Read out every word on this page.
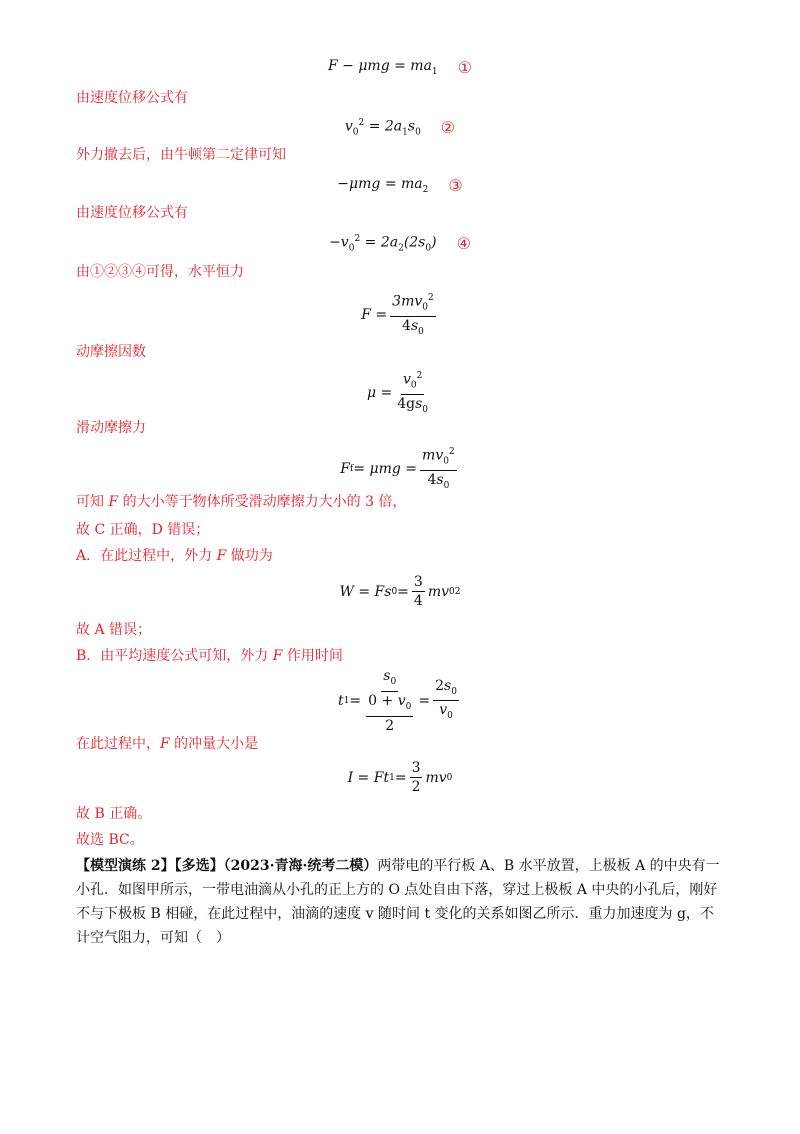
$F - \mu mg = ma_1$ ①
由速度位移公式有
$v_0^2 = 2a_1s_0$ ②
外力撤去后，由牛顿第二定律可知
$-\mu mg = ma_2$ ③
由速度位移公式有
$-v_0^2 = 2a_2(2s_0)$ ④
由①②③④可得，水平恒力
$F = \frac{3mv_0^2}{4s_0}$
动摩擦因数
$\mu = \frac{v_0^2}{4gs_0}$
滑动摩擦力
F $f = \mu mg = \frac{mv_0^2}{4s_0}$
可知 F 的大小等于物体所受滑动摩擦力大小的 3 倍，
故 C 正确，D 错误；
A．在此过程中，外力 F 做功为
W = Fs $0 = \frac{3}{4}$ mv 0 2
故 A 错误；
B．由平均速度公式可知，外力 F 作用时间
t $1 = \frac{s_0}{\frac{0 + v_0}{2}} = \frac{2s_0}{v_0}$
在此过程中，F 的冲量大小是
I = Ft $1 = \frac{3}{2}$ mv 0
故 B 正确。
故选 BC。
【模型演练 2】【多选】（2023·青海·统考二模）两带电的平行板 A、B 水平放置，上极板 A 的中央有一小孔．如图甲所示，一带电油滴从小孔的正上方的 O 点处自由下落，穿过上极板 A 中央的小孔后，刚好不与下极板 B 相碰，在此过程中，油滴的速度 v 随时间 t 变化的关系如图乙所示．重力加速度为 g，不计空气阻力，可知（　）
